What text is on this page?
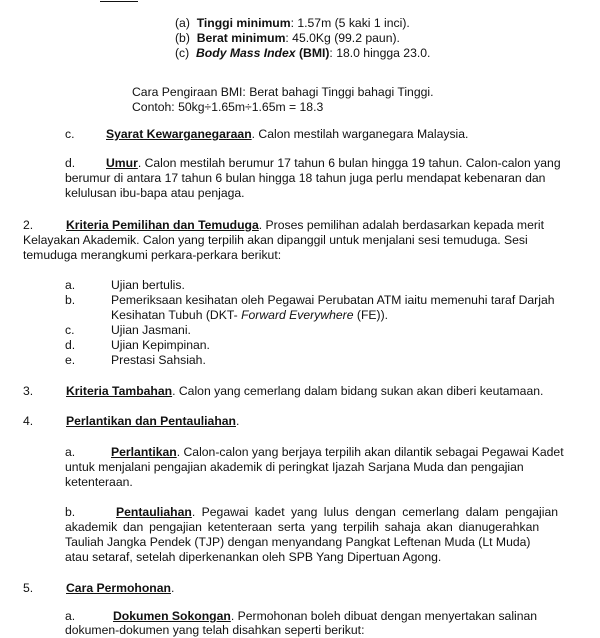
(a) Tinggi minimum: 1.57m (5 kaki 1 inci).
(b) Berat minimum: 45.0Kg (99.2 paun).
(c) Body Mass Index (BMI): 18.0 hingga 23.0.
Cara Pengiraan BMI: Berat bahagi Tinggi bahagi Tinggi.
Contoh: 50kg÷1.65m÷1.65m = 18.3
c.	Syarat Kewarganegaraan. Calon mestilah warganegara Malaysia.
d.	Umur. Calon mestilah berumur 17 tahun 6 bulan hingga 19 tahun. Calon-calon yang
berumur di antara 17 tahun 6 bulan hingga 18 tahun juga perlu mendapat kebenaran dan
kelulusan ibu-bapa atau penjaga.
2.	Kriteria Pemilihan dan Temuduga. Proses pemilihan adalah berdasarkan kepada merit
Kelayakan Akademik. Calon yang terpilih akan dipanggil untuk menjalani sesi temuduga. Sesi
temuduga merangkumi perkara-perkara berikut:
a.	Ujian bertulis.
b.	Pemeriksaan kesihatan oleh Pegawai Perubatan ATM iaitu memenuhi taraf Darjah
Kesihatan Tubuh (DKT- Forward Everywhere (FE)).
c.	Ujian Jasmani.
d.	Ujian Kepimpinan.
e.	Prestasi Sahsiah.
3.	Kriteria Tambahan. Calon yang cemerlang dalam bidang sukan akan diberi keutamaan.
4.	Perlantikan dan Pentauliahan.
a.	Perlantikan. Calon-calon yang berjaya terpilih akan dilantik sebagai Pegawai Kadet
untuk menjalani pengajian akademik di peringkat Ijazah Sarjana Muda dan pengajian
ketenteraan.
b.	Pentauliahan. Pegawai kadet yang lulus dengan cemerlang dalam pengajian
akademik dan pengajian ketenteraan serta yang terpilih sahaja akan dianugerahkan
Tauliah Jangka Pendek (TJP) dengan menyandang Pangkat Leftenan Muda (Lt Muda)
atau setaraf, setelah diperkenankan oleh SPB Yang Dipertuan Agong.
5.	Cara Permohonan.
a.	Dokumen Sokongan. Permohonan boleh dibuat dengan menyertakan salinan
dokumen-dokumen yang telah disahkan seperti berikut:
